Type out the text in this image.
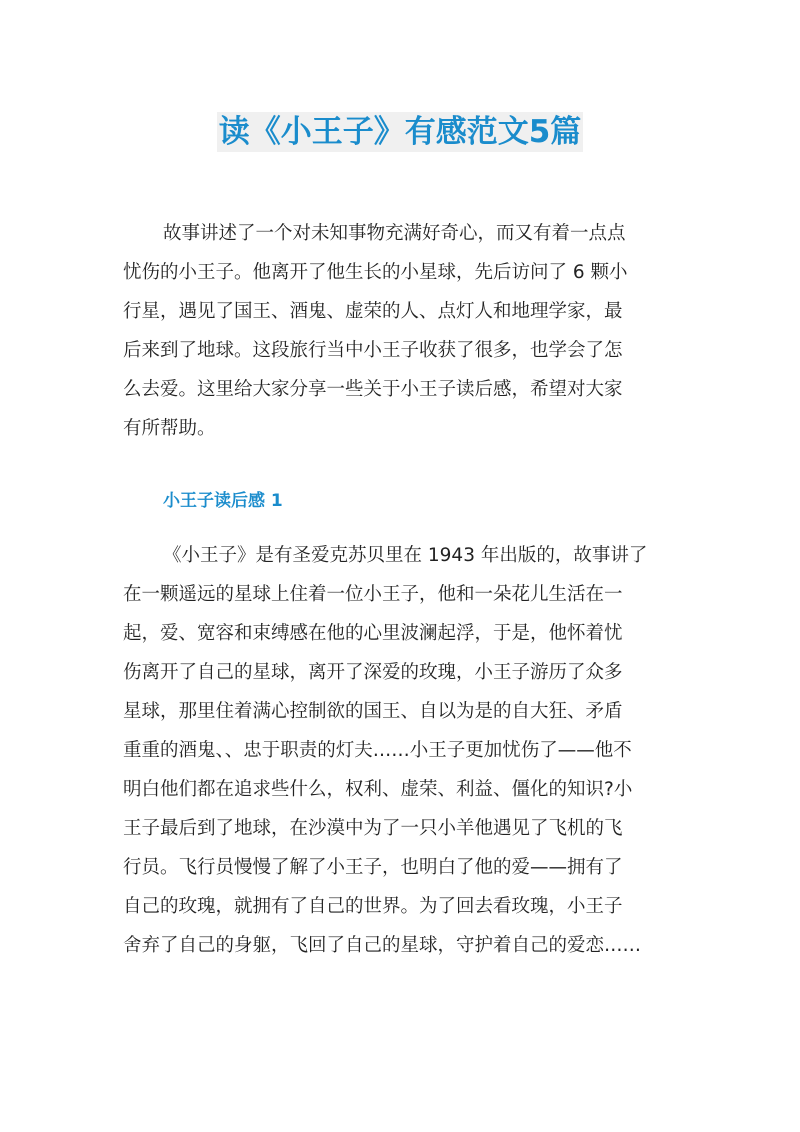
读《小王子》有感范文5篇
故事讲述了一个对未知事物充满好奇心，而又有着一点点
忧伤的小王子。他离开了他生长的小星球，先后访问了 6 颗小
行星，遇见了国王、酒鬼、虚荣的人、点灯人和地理学家，最
后来到了地球。这段旅行当中小王子收获了很多，也学会了怎
么去爱。这里给大家分享一些关于小王子读后感，希望对大家
有所帮助。
小王子读后感 1
《小王子》是有圣爱克苏贝里在 1943 年出版的，故事讲了
在一颗遥远的星球上住着一位小王子，他和一朵花儿生活在一
起，爱、宽容和束缚感在他的心里波澜起浮，于是，他怀着忧
伤离开了自己的星球，离开了深爱的玫瑰，小王子游历了众多
星球，那里住着满心控制欲的国王、自以为是的自大狂、矛盾
重重的酒鬼、、忠于职责的灯夫……小王子更加忧伤了——他不
明白他们都在追求些什么，权利、虚荣、利益、僵化的知识?小
王子最后到了地球，在沙漠中为了一只小羊他遇见了飞机的飞
行员。飞行员慢慢了解了小王子，也明白了他的爱——拥有了
自己的玫瑰，就拥有了自己的世界。为了回去看玫瑰，小王子
舍弃了自己的身躯，飞回了自己的星球，守护着自己的爱恋……
